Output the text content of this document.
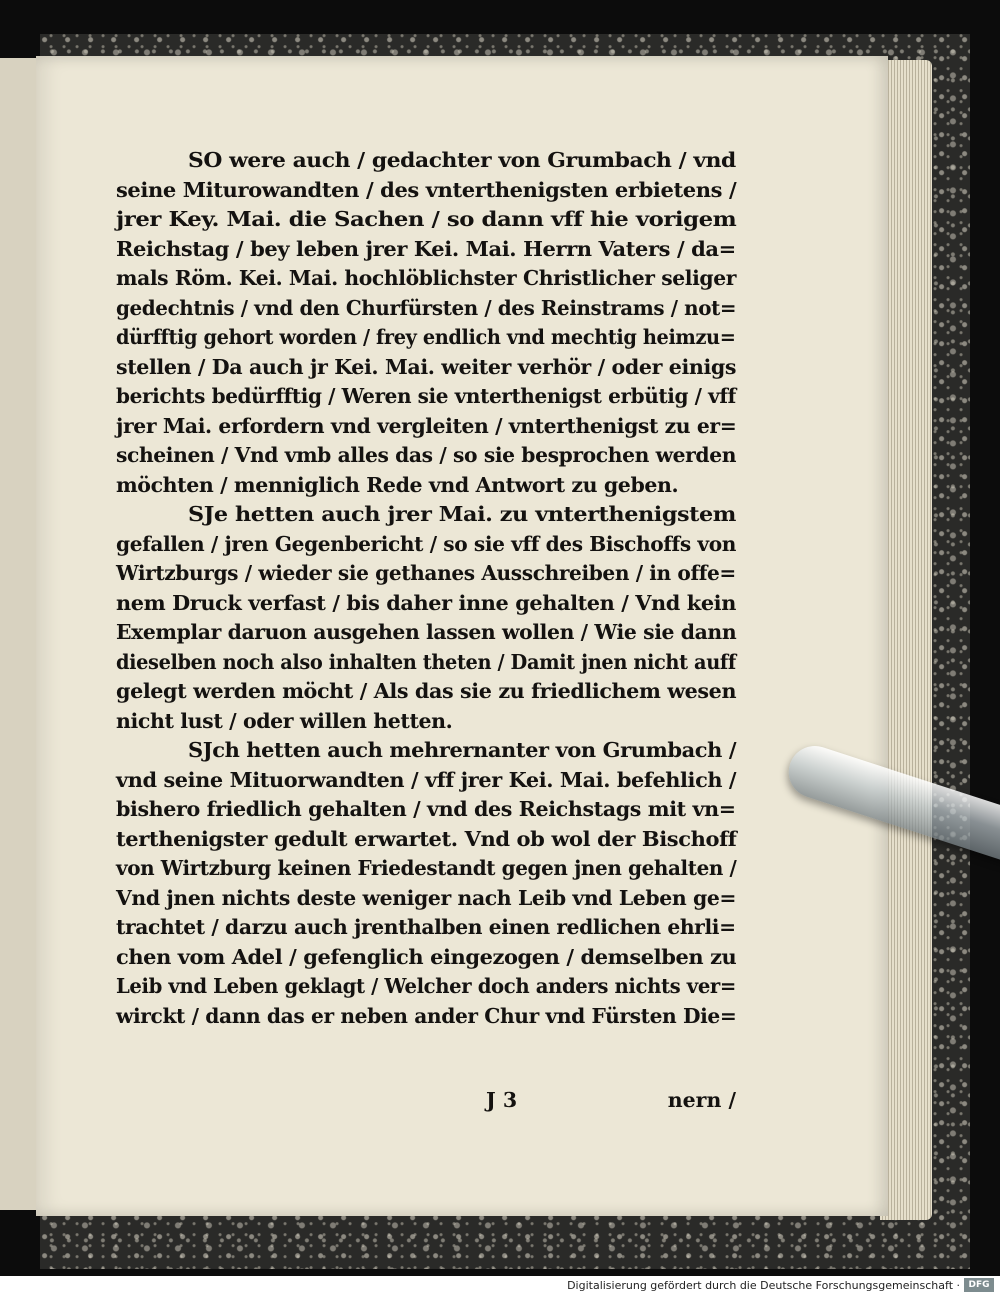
SO were auch / gedachter von Grumbach / vnd
seine Miturowandten / des vnterthenigsten erbietens /
jrer Key. Mai. die Sachen / so dann vff hie vorigem
Reichstag / bey leben jrer Kei. Mai. Herrn Vaters / da=
mals Röm. Kei. Mai. hochlöblichster Christlicher seliger
gedechtnis / vnd den Churfürsten / des Reinstrams / not=
dürfftig gehort worden / frey endlich vnd mechtig heimzu=
stellen / Da auch jr Kei. Mai. weiter verhör / oder einigs
berichts bedürfftig / Weren sie vnterthenigst erbütig / vff
jrer Mai. erfordern vnd vergleiten / vnterthenigst zu er=
scheinen / Vnd vmb alles das / so sie besprochen werden
möchten / menniglich Rede vnd Antwort zu geben.
SJe hetten auch jrer Mai. zu vnterthenigstem
gefallen / jren Gegenbericht / so sie vff des Bischoffs von
Wirtzburgs / wieder sie gethanes Ausschreiben / in offe=
nem Druck verfast / bis daher inne gehalten / Vnd kein
Exemplar daruon ausgehen lassen wollen / Wie sie dann
dieselben noch also inhalten theten / Damit jnen nicht auff
gelegt werden möcht / Als das sie zu friedlichem wesen
nicht lust / oder willen hetten.
SJch hetten auch mehrernanter von Grumbach /
vnd seine Mituorwandten / vff jrer Kei. Mai. befehlich /
bishero friedlich gehalten / vnd des Reichstags mit vn=
terthenigster gedult erwartet. Vnd ob wol der Bischoff
von Wirtzburg keinen Friedestandt gegen jnen gehalten /
Vnd jnen nichts deste weniger nach Leib vnd Leben ge=
trachtet / darzu auch jrenthalben einen redlichen ehrli=
chen vom Adel / gefenglich eingezogen / demselben zu
Leib vnd Leben geklagt / Welcher doch anders nichts ver=
wirckt / dann das er neben ander Chur vnd Fürsten Die=
J 3	nern /
Digitalisierung gefördert durch die Deutsche Forschungsgemeinschaft · DFG
